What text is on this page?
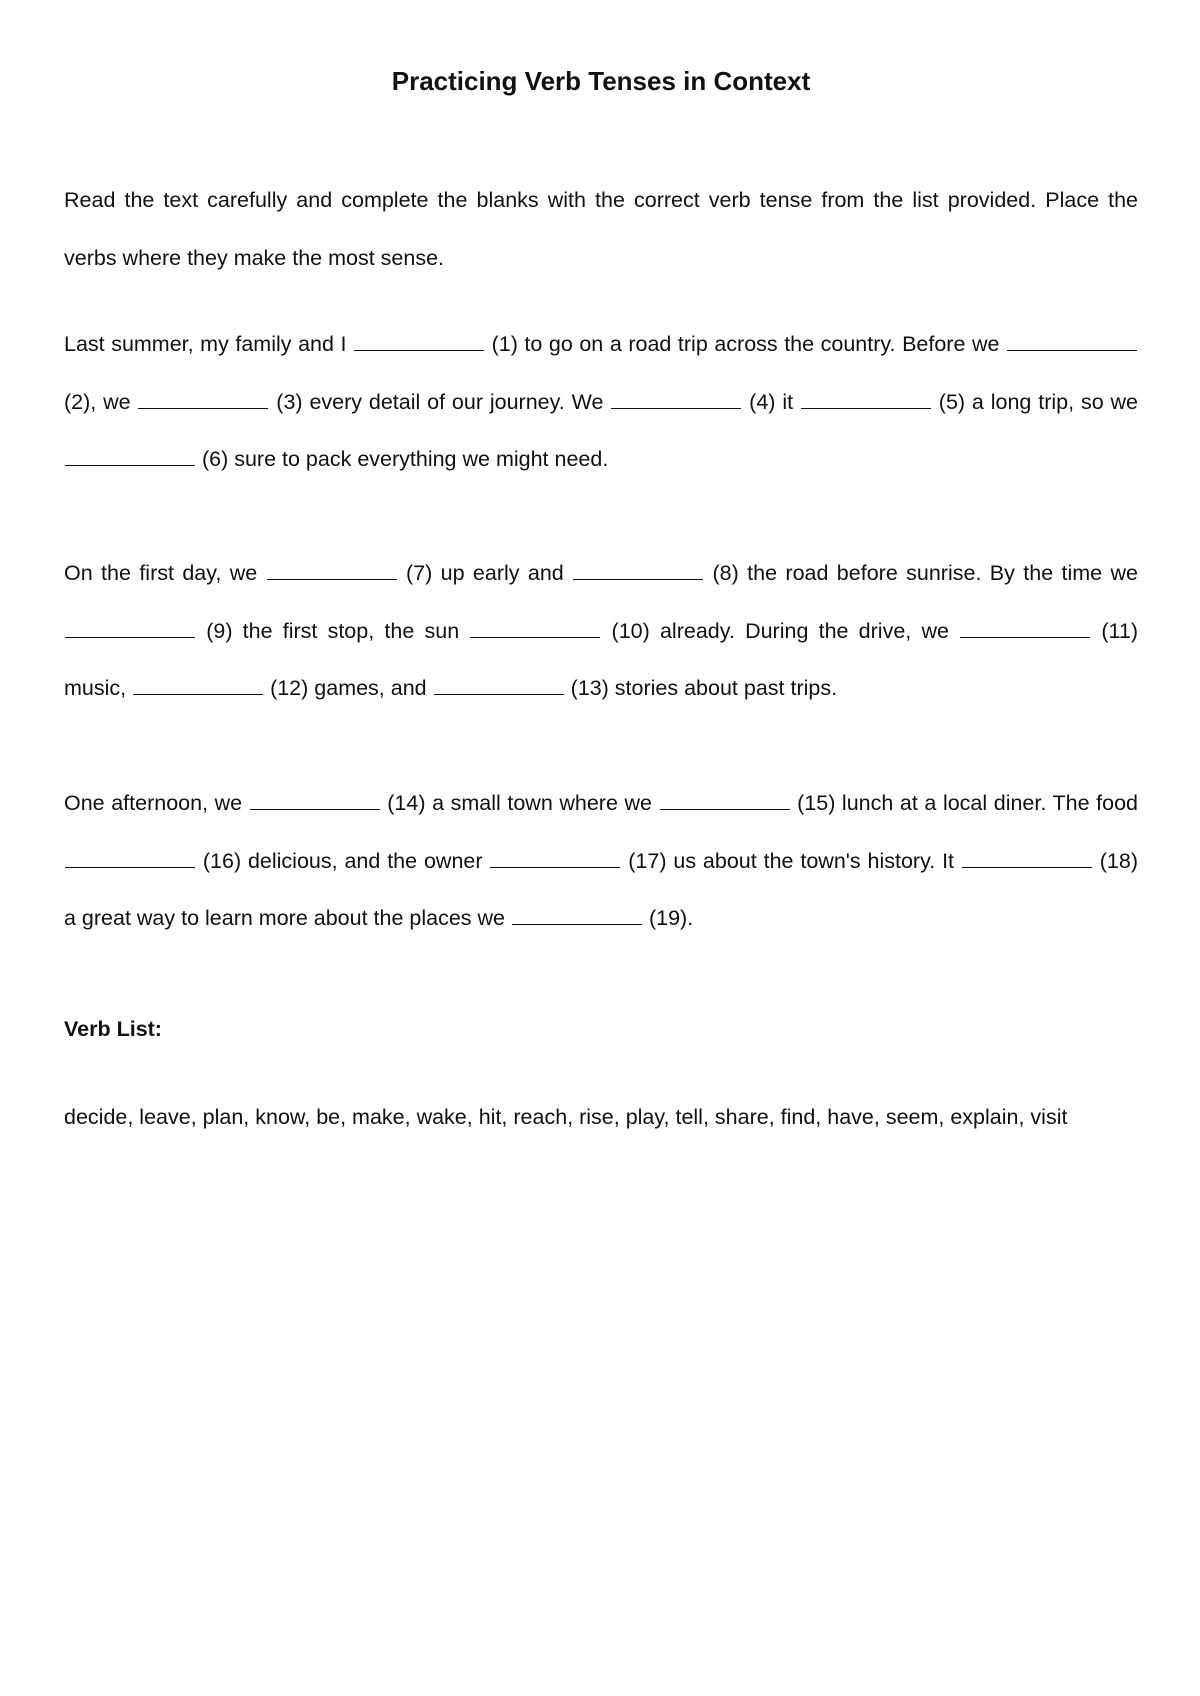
Practicing Verb Tenses in Context

Read the text carefully and complete the blanks with the correct verb tense from the list provided. Place the verbs where they make the most sense.

Last summer, my family and I	(1) to go on a road trip across the country. Before we  (2), we	(3) every detail of our journey. We	(4) it	(5) a long trip, so we  (6) sure to pack everything we might need.

On the first day, we	(7) up early and	(8) the road before sunrise. By the time we  (9) the first stop, the sun	(10) already. During the drive, we	(11) music,	(12) games, and	(13) stories about past trips.

One afternoon, we	(14) a small town where we	(15) lunch at a local diner. The food  (16) delicious, and the owner	(17) us about the town's history. It	(18) a great way to learn more about the places we	(19).

Verb List:

decide, leave, plan, know, be, make, wake, hit, reach, rise, play, tell, share, find, have, seem, explain, visit
